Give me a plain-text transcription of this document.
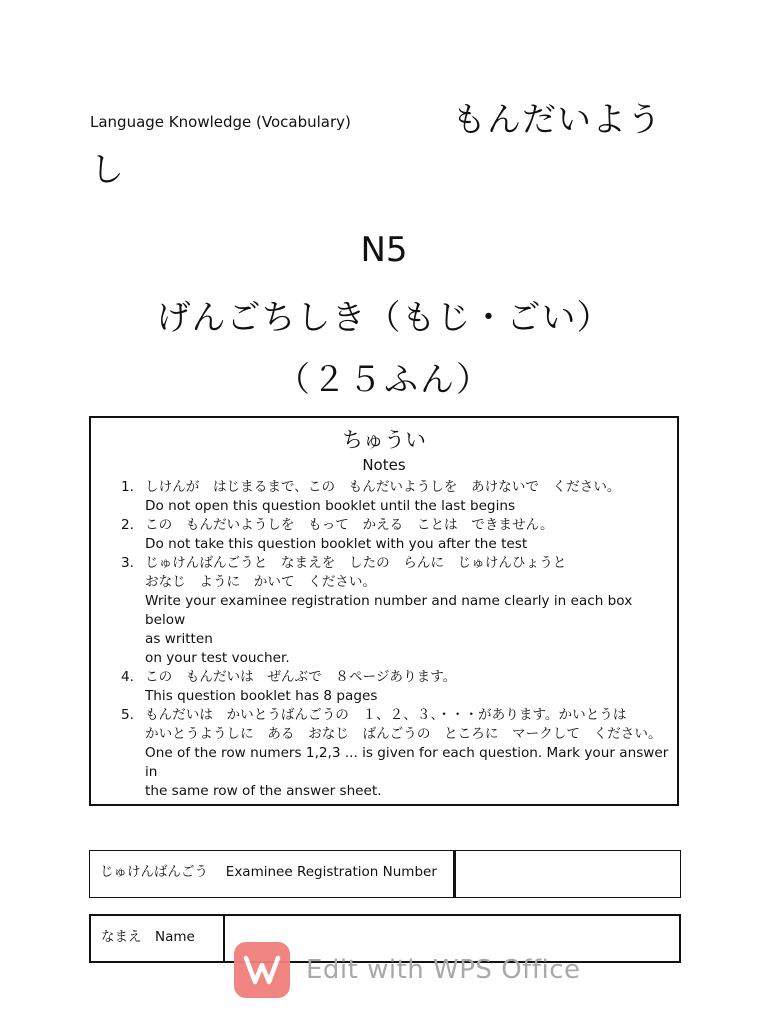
Language Knowledge (Vocabulary)	もんだいよう
し
N5
げんごちしき（もじ・ごい）
（２５ふん）
ちゅうい
Notes
1. しけんが　はじまるまで、この　もんだいようしを　あけないで　ください。
Do not open this question booklet until the last begins
2. この　もんだいようしを　もって　かえる　ことは　できません。
Do not take this question booklet with you after the test
3. じゅけんばんごうと　なまえを　したの　らんに　じゅけんひょうと
おなじ　ように　かいて　ください。
Write your examinee registration number and name clearly in each box below
as written
on your test voucher.
4. この　もんだいは　ぜんぶで　８ページあります。
This question booklet has 8 pages
5. もんだいは　かいとうばんごうの　１、２、３、・・・があります。かいとうは
かいとうようしに　ある　おなじ　ばんごうの　ところに　マークして　ください。
One of the row numers 1,2,3 ... is given for each question. Mark your answer in
the same row of the answer sheet.
じゅけんばんごう　 Examinee Registration Number
なまえ　Name
Edit with WPS Office
